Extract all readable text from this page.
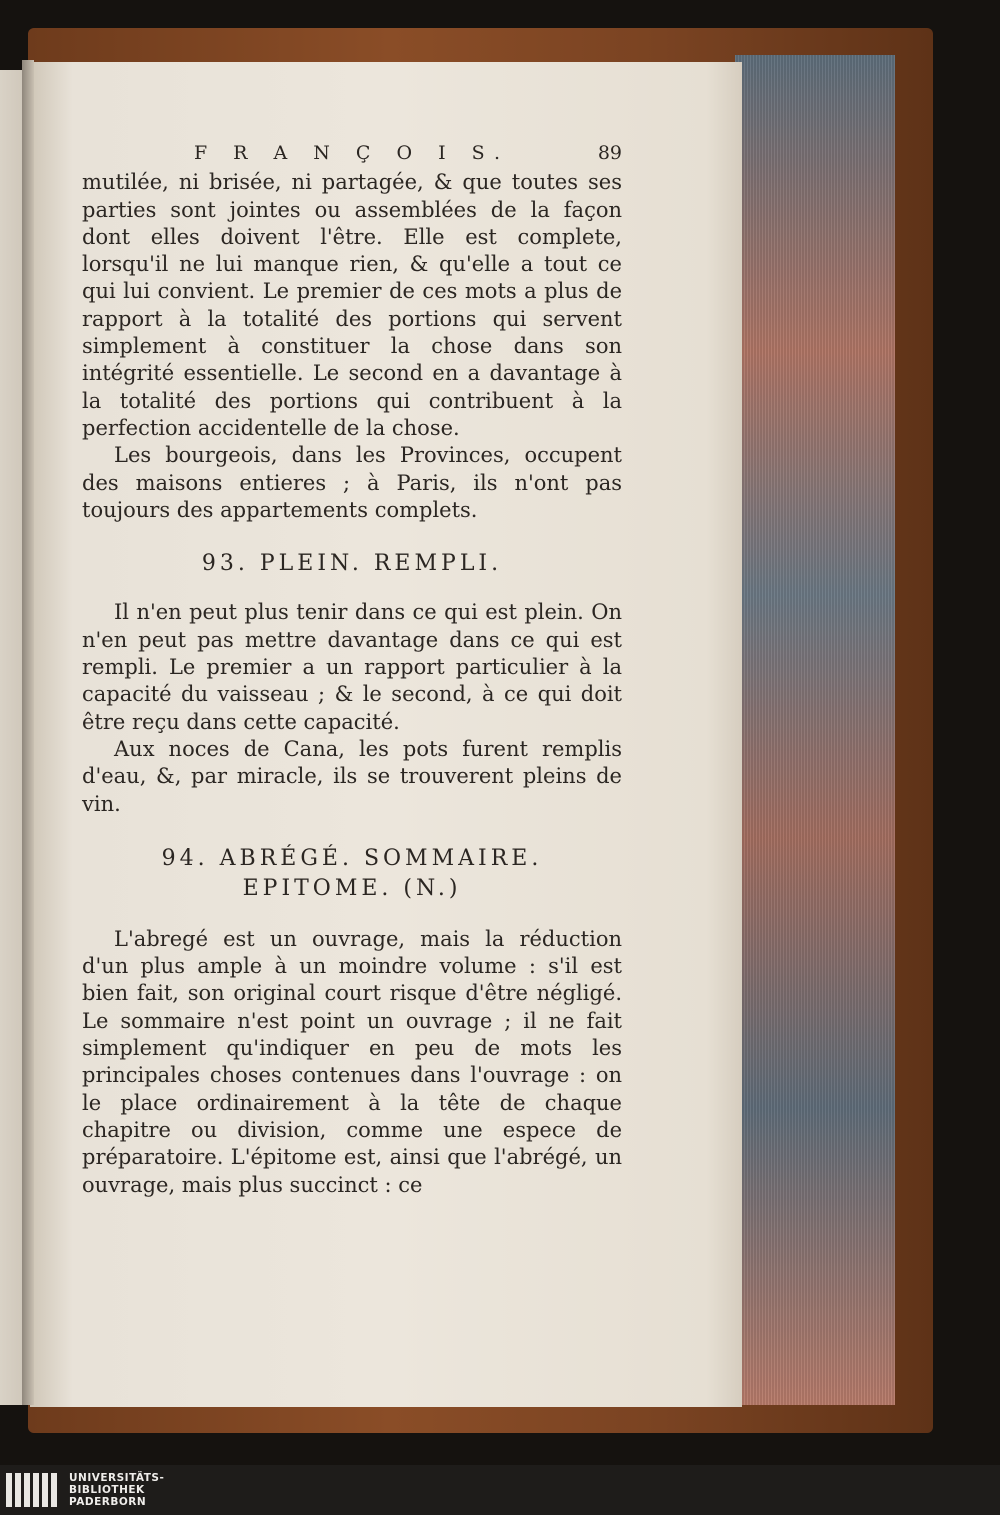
F R A N Ç O I S.	89

mutilée, ni brisée, ni partagée, & que toutes ses parties sont jointes ou assemblées de la façon dont elles doivent l'être. Elle est complete, lorsqu'il ne lui manque rien, & qu'elle a tout ce qui lui convient. Le premier de ces mots a plus de rapport à la totalité des portions qui servent simplement à constituer la chose dans son intégrité essentielle. Le second en a davantage à la totalité des portions qui contribuent à la perfection accidentelle de la chose.

Les bourgeois, dans les Provinces, occupent des maisons entieres ; à Paris, ils n'ont pas toujours des appartements complets.

93. PLEIN. REMPLI.

Il n'en peut plus tenir dans ce qui est plein. On n'en peut pas mettre davantage dans ce qui est rempli. Le premier a un rapport particulier à la capacité du vaisseau ; & le second, à ce qui doit être reçu dans cette capacité.

Aux noces de Cana, les pots furent remplis d'eau, &, par miracle, ils se trouverent pleins de vin.

94. ABRÉGÉ. SOMMAIRE.
EPITOME. (N.)

L'abregé est un ouvrage, mais la réduction d'un plus ample à un moindre volume : s'il est bien fait, son original court risque d'être négligé. Le sommaire n'est point un ouvrage ; il ne fait simplement qu'indiquer en peu de mots les principales choses contenues dans l'ouvrage : on le place ordinairement à la tête de chaque chapitre ou division, comme une espece de préparatoire. L'épitome est, ainsi que l'abrégé, un ouvrage, mais plus succinct : ce

UNIVERSITÄTS-
BIBLIOTHEK
PADERBORN
